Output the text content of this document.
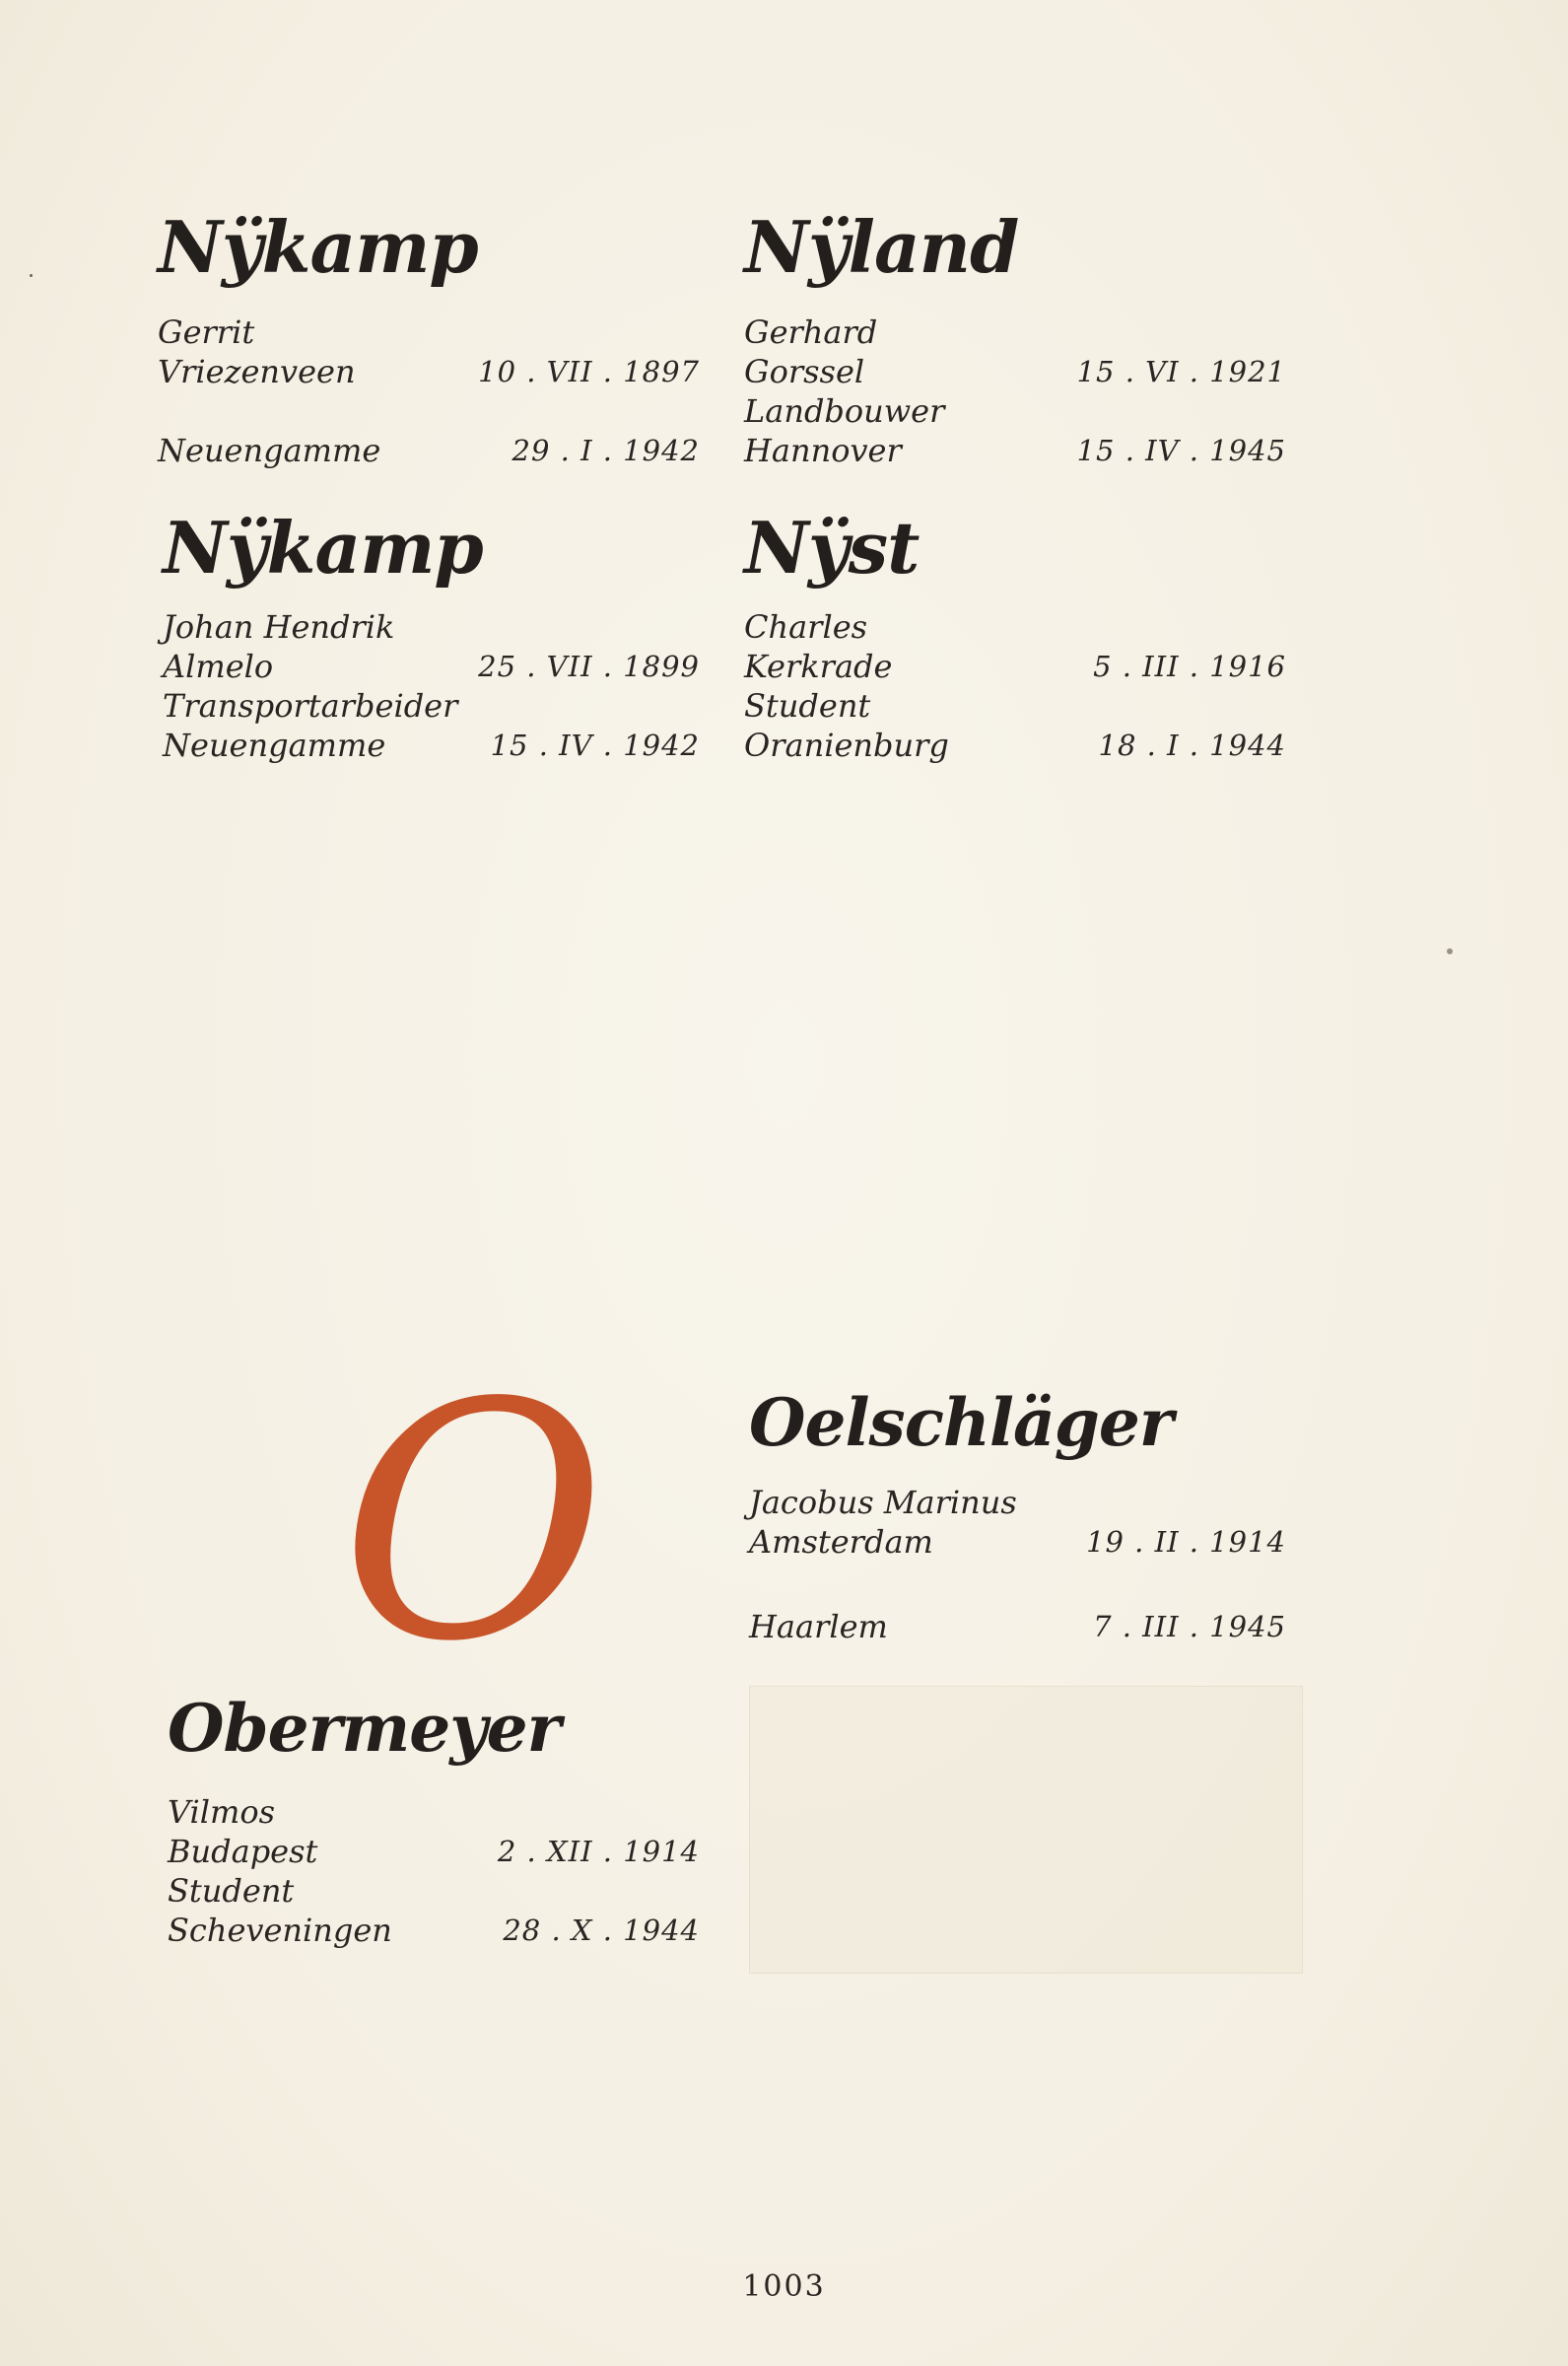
Nÿkamp
Gerrit
Vriezenveen	10 . VII . 1897
Neuengamme	29 . I . 1942
Nÿland
Gerhard
Gorssel	15 . VI . 1921
Landbouwer
Hannover	15 . IV . 1945
Nÿkamp
Johan Hendrik
Almelo	25 . VII . 1899
Transportarbeider
Neuengamme	15 . IV . 1942
Nÿst
Charles
Kerkrade	5 . III . 1916
Student
Oranienburg	18 . I . 1944
O Oelschläger
Jacobus Marinus
Amsterdam	19 . II . 1914
Haarlem	7 . III . 1945
Obermeyer
Vilmos
Budapest	2 . XII . 1914
Student
Scheveningen	28 . X . 1944
1003
